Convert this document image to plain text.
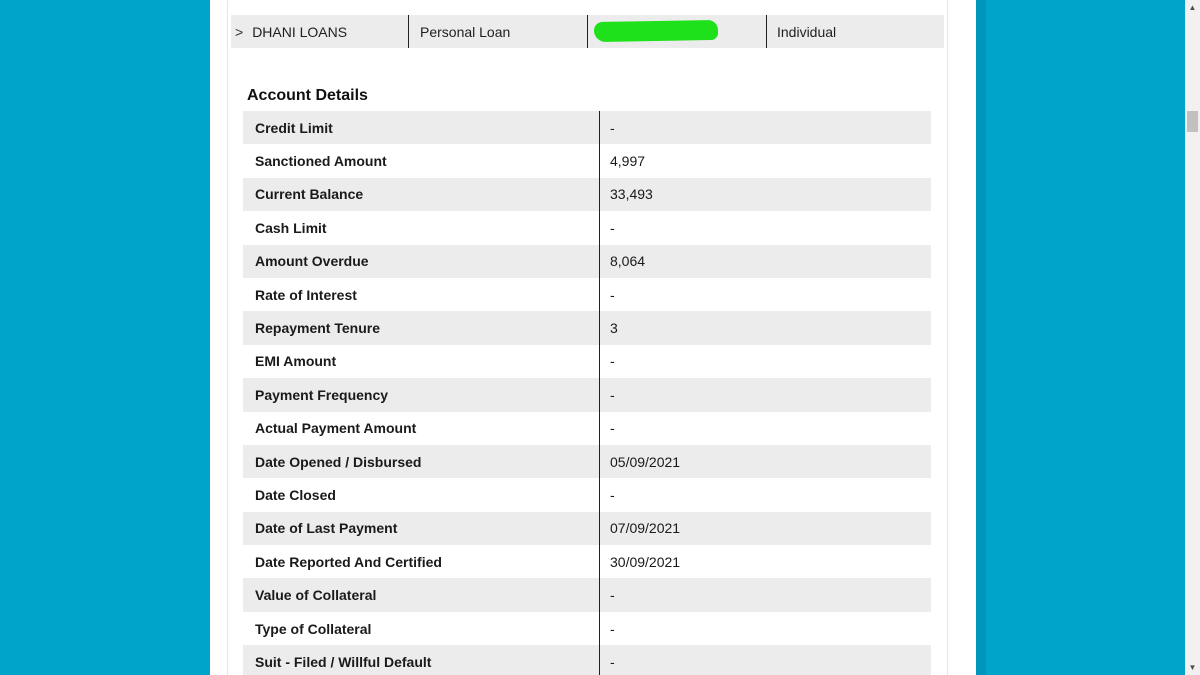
> DHANI LOANS	Personal Loan	Individual
Account Details
Credit Limit	-
Sanctioned Amount	4,997
Current Balance	33,493
Cash Limit	-
Amount Overdue	8,064
Rate of Interest	-
Repayment Tenure	3
EMI Amount	-
Payment Frequency	-
Actual Payment Amount	-
Date Opened / Disbursed	05/09/2021
Date Closed	-
Date of Last Payment	07/09/2021
Date Reported And Certified	30/09/2021
Value of Collateral	-
Type of Collateral	-
Suit - Filed / Willful Default	-
▲
▼
